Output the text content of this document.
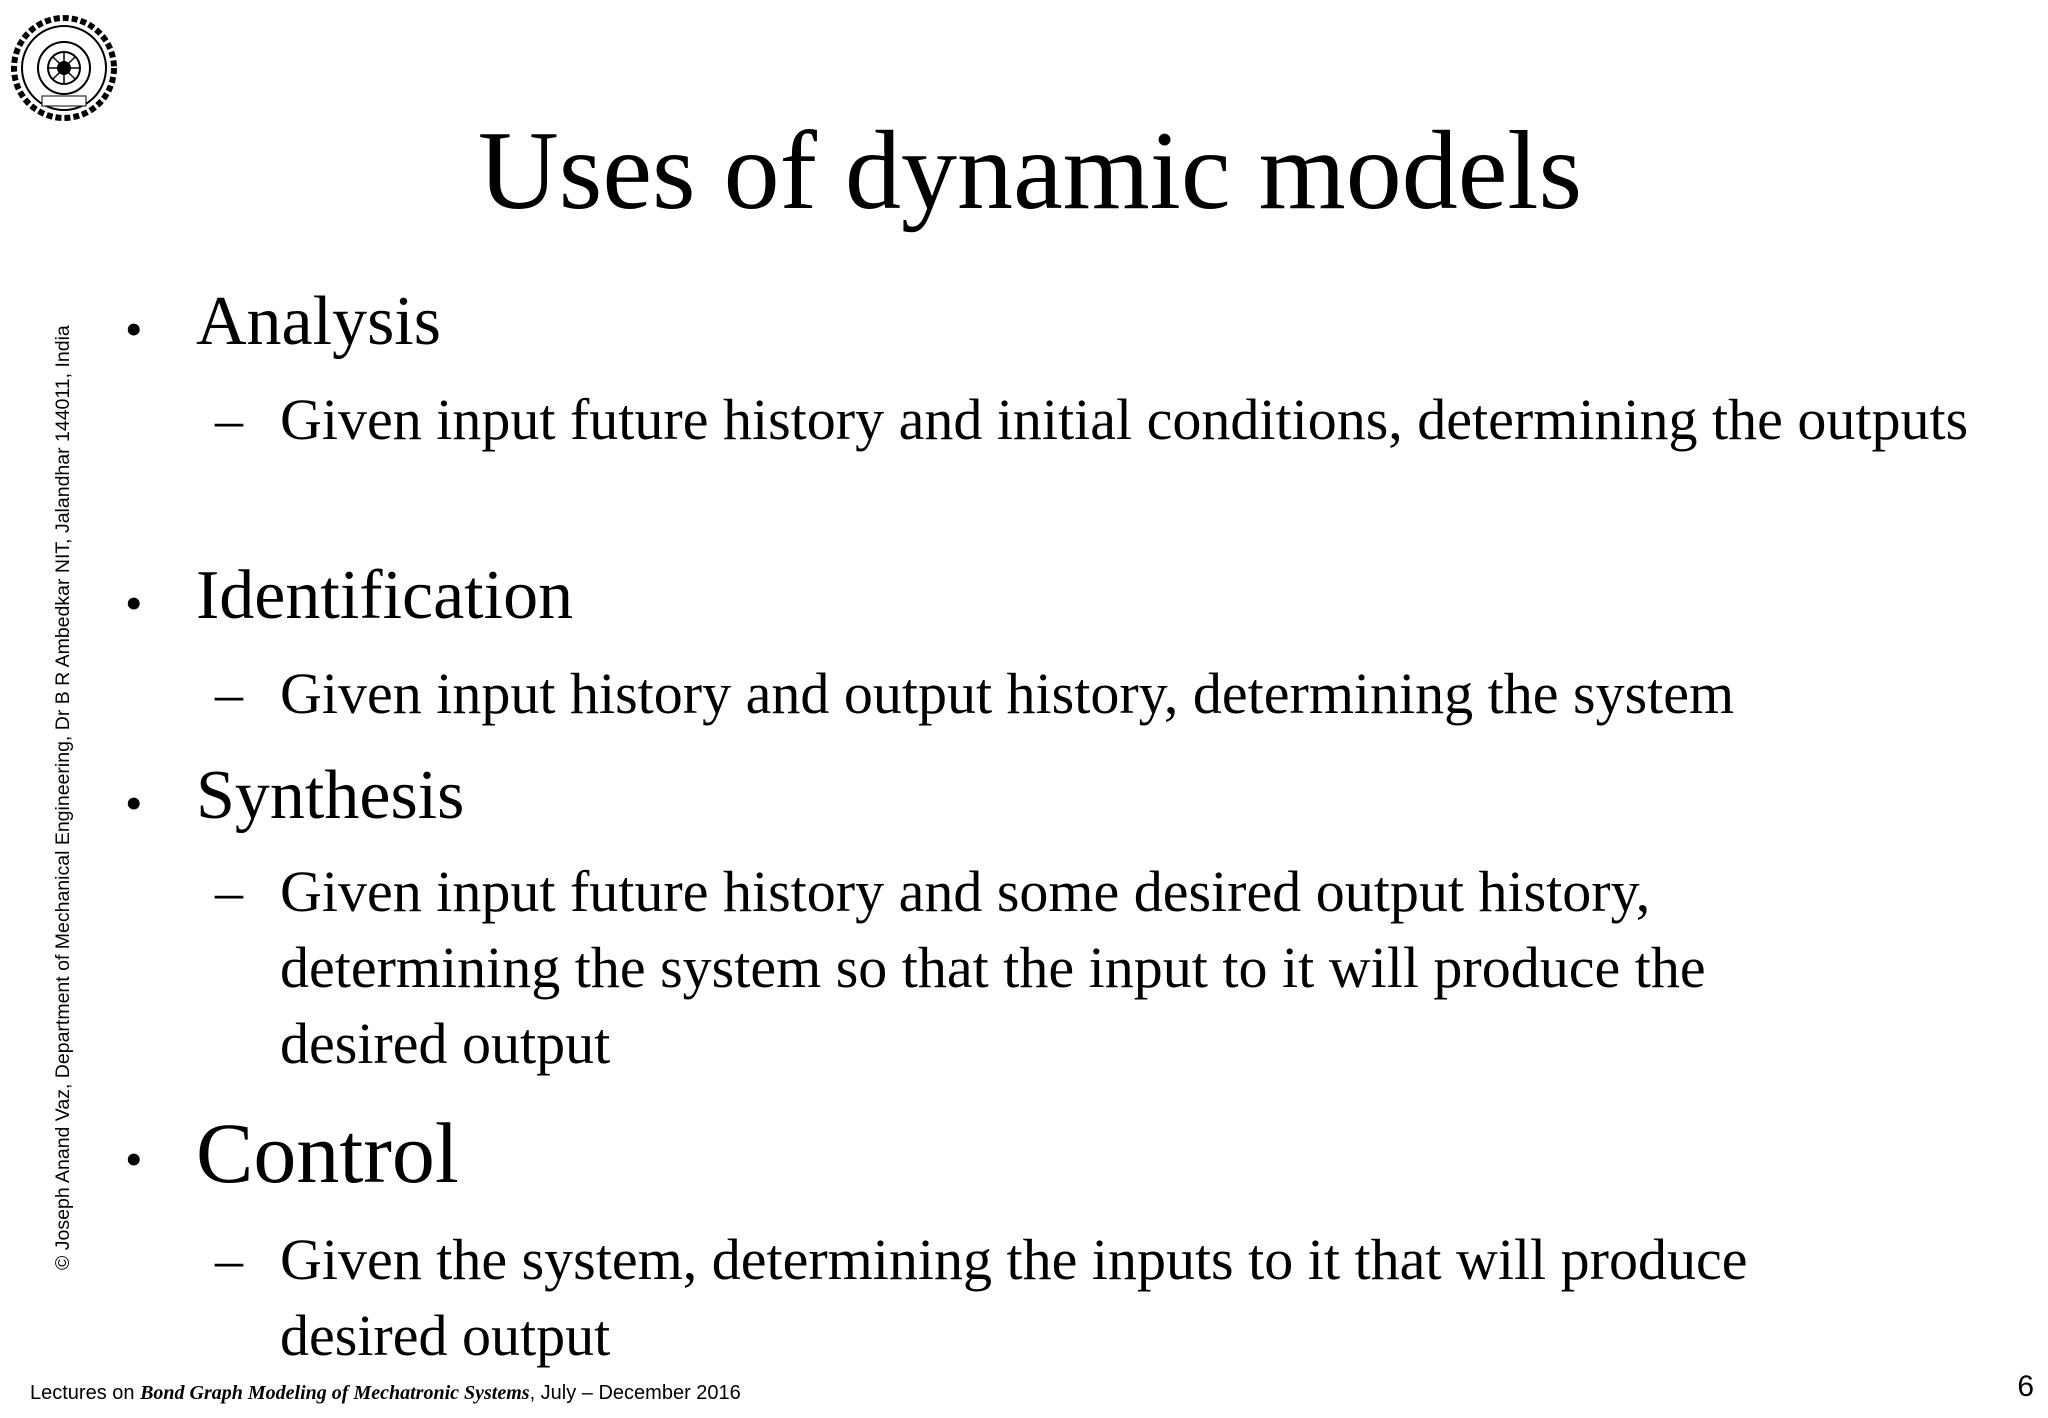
© Joseph Anand Vaz, Department of Mechanical Engineering, Dr B R Ambedkar NIT, Jalandhar 144011, India
Uses of dynamic models
• Analysis
– Given input future history and initial conditions, determining the outputs
• Identification
– Given input history and output history, determining the system
• Synthesis
– Given input future history and some desired output history, determining the system so that the input to it will produce the desired output
• Control
– Given the system, determining the inputs to it that will produce desired output
Lectures on Bond Graph Modeling of Mechatronic Systems, July – December 2016	6
